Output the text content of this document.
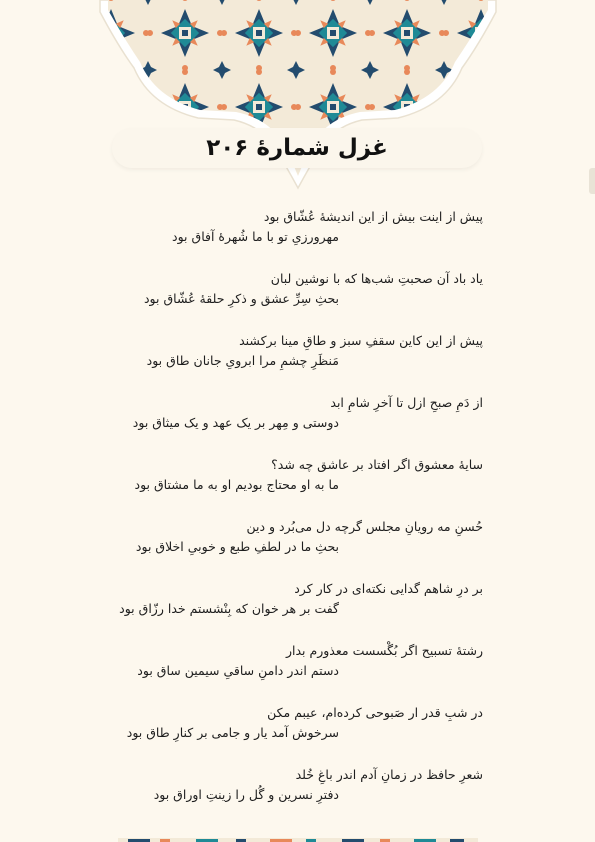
غزل شمارهٔ ۲۰۶
پیش از اینت بیش از این اندیشهٔ عُشّاق بود
مهرورزیِ تو با ما شُهرهٔ آفاق بود
یاد باد آن صحبتِ شب‌ها که با نوشین لبان
بحثِ سِرِّ عشق و ذکرِ حلقهٔ عُشّاق بود
پیش از این کاین سقفِ سبز و طاقِ مینا برکشند
مَنظَرِ چشمِ مرا ابرویِ جانان طاق بود
از دَمِ صبحِ ازل تا آخرِ شامِ ابد
دوستی و مِهر بر یک عهد و یک میثاق بود
سایهٔ معشوق اگر افتاد بر عاشق چه شد؟
ما به او محتاج بودیم او به ما مشتاق بود
حُسنِ مه رویانِ مجلس گرچه دل می‌بُرد و دین
بحثِ ما در لطفِ طبع و خوبیِ اخلاق بود
بر درِ شاهم گدایی نکته‌ای در کار کرد
گفت بر هر خوان که بِنْشستم خدا رزّاق بود
رشتهٔ تسبیح اگر بُگْسست معذورم بدار
دستم اندر دامنِ ساقیِ سیمین ساق بود
در شبِ قدر ار صَبوحی کرده‌ام، عیبم مکن
سرخوش آمد یار و جامی بر کنارِ طاق بود
شعرِ حافظ در زمانِ آدم اندر باغِ خُلد
دفترِ نسرین و گُل را زینتِ اوراق بود
